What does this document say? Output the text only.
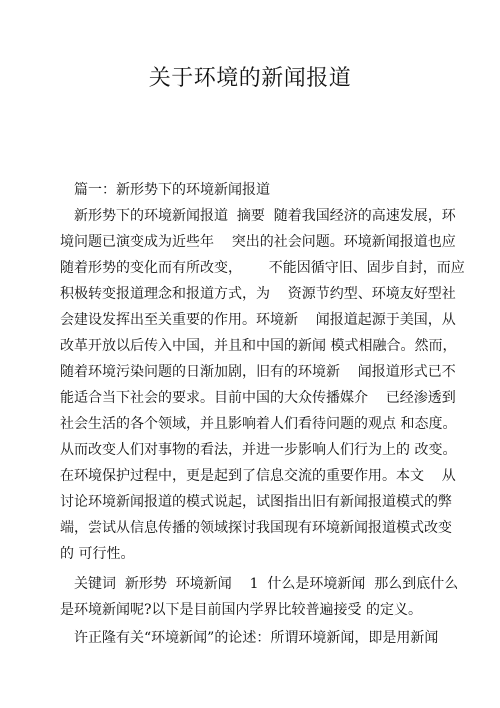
关于环境的新闻报道
篇一：新形势下的环境新闻报道
新形势下的环境新闻报道  摘要  随着我国经济的高速发展，环
境问题已演变成为近些年    突出的社会问题。环境新闻报道也应
随着形势的变化而有所改变，      不能因循守旧、固步自封，而应
积极转变报道理念和报道方式，为    资源节约型、环境友好型社
会建设发挥出至关重要的作用。环境新    闻报道起源于美国，从
改革开放以后传入中国，并且和中国的新闻 模式相融合。然而，
随着环境污染问题的日渐加剧，旧有的环境新    闻报道形式已不
能适合当下社会的要求。目前中国的大众传播媒介    已经渗透到
社会生活的各个领域，并且影响着人们看待问题的观点 和态度。
从而改变人们对事物的看法，并进一步影响人们行为上的 改变。
在环境保护过程中，更是起到了信息交流的重要作用。本文    从
讨论环境新闻报道的模式说起，试图指出旧有新闻报道模式的弊
端，尝试从信息传播的领域探讨我国现有环境新闻报道模式改变
的 可行性。
关键词  新形势  环境新闻    1  什么是环境新闻  那么到底什么
是环境新闻呢?以下是目前国内学界比较普遍接受 的定义。
许正隆有关“环境新闻”的论述：所谓环境新闻，即是用新闻
